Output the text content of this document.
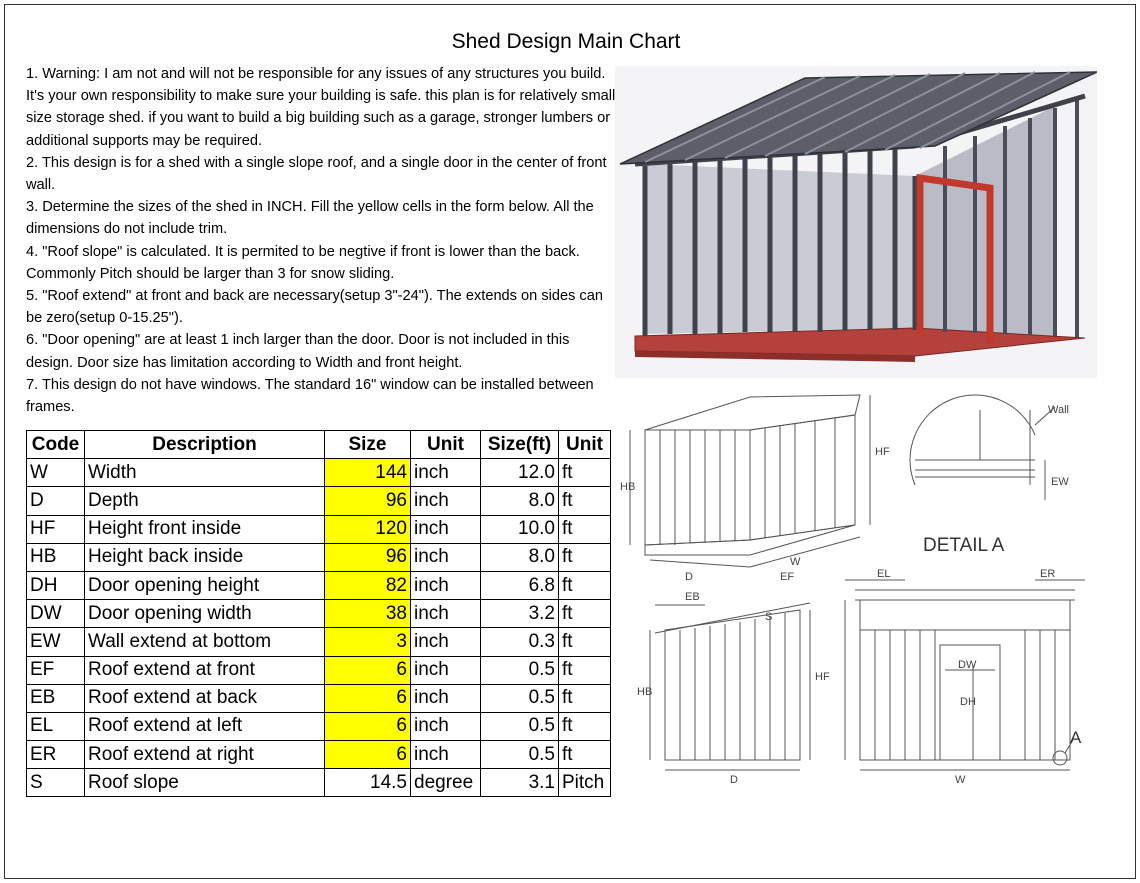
Shed Design Main Chart

1. Warning: I am not and will not be responsible for any issues of any structures you build. It's your own responsibility to make sure your building is safe. this plan is for relatively small size storage shed. if you want to build a big building such as a garage, stronger lumbers or additional supports may be required.

2. This design is for a shed with a single slope roof, and a single door in the center of front wall.

3. Determine the sizes of the shed in INCH. Fill the yellow cells in the form below. All the dimensions do not include trim.

4. "Roof slope" is calculated. It is permited to be negtive if front is lower than the back. Commonly Pitch should be larger than 3 for snow sliding.

5. "Roof extend" at front and back are necessary(setup 3"-24"). The extends on sides can be zero(setup 0-15.25").

6. "Door opening" are at least 1 inch larger than the door. Door is not included in this design. Door size has limitation according to Width and front height.

7. This design do not have windows. The standard 16" window can be installed between frames.

Code	Description	Size	Unit	Size(ft)	Unit
W	Width	144	inch	12.0	ft
D	Depth	96	inch	8.0	ft
HF	Height front inside	120	inch	10.0	ft
HB	Height back inside	96	inch	8.0	ft
DH	Door opening height	82	inch	6.8	ft
DW	Door opening width	38	inch	3.2	ft
EW	Wall extend at bottom	3	inch	0.3	ft
EF	Roof extend at front	6	inch	0.5	ft
EB	Roof extend at back	6	inch	0.5	ft
EL	Roof extend at left	6	inch	0.5	ft
ER	Roof extend at right	6	inch	0.5	ft
S	Roof slope	14.5	degree	3.1	Pitch
HF
HB
D
W
Wall
EW
EF
EB
S
HB
HF
D
EL	ER
DW
DH
W
DETAIL A
A
